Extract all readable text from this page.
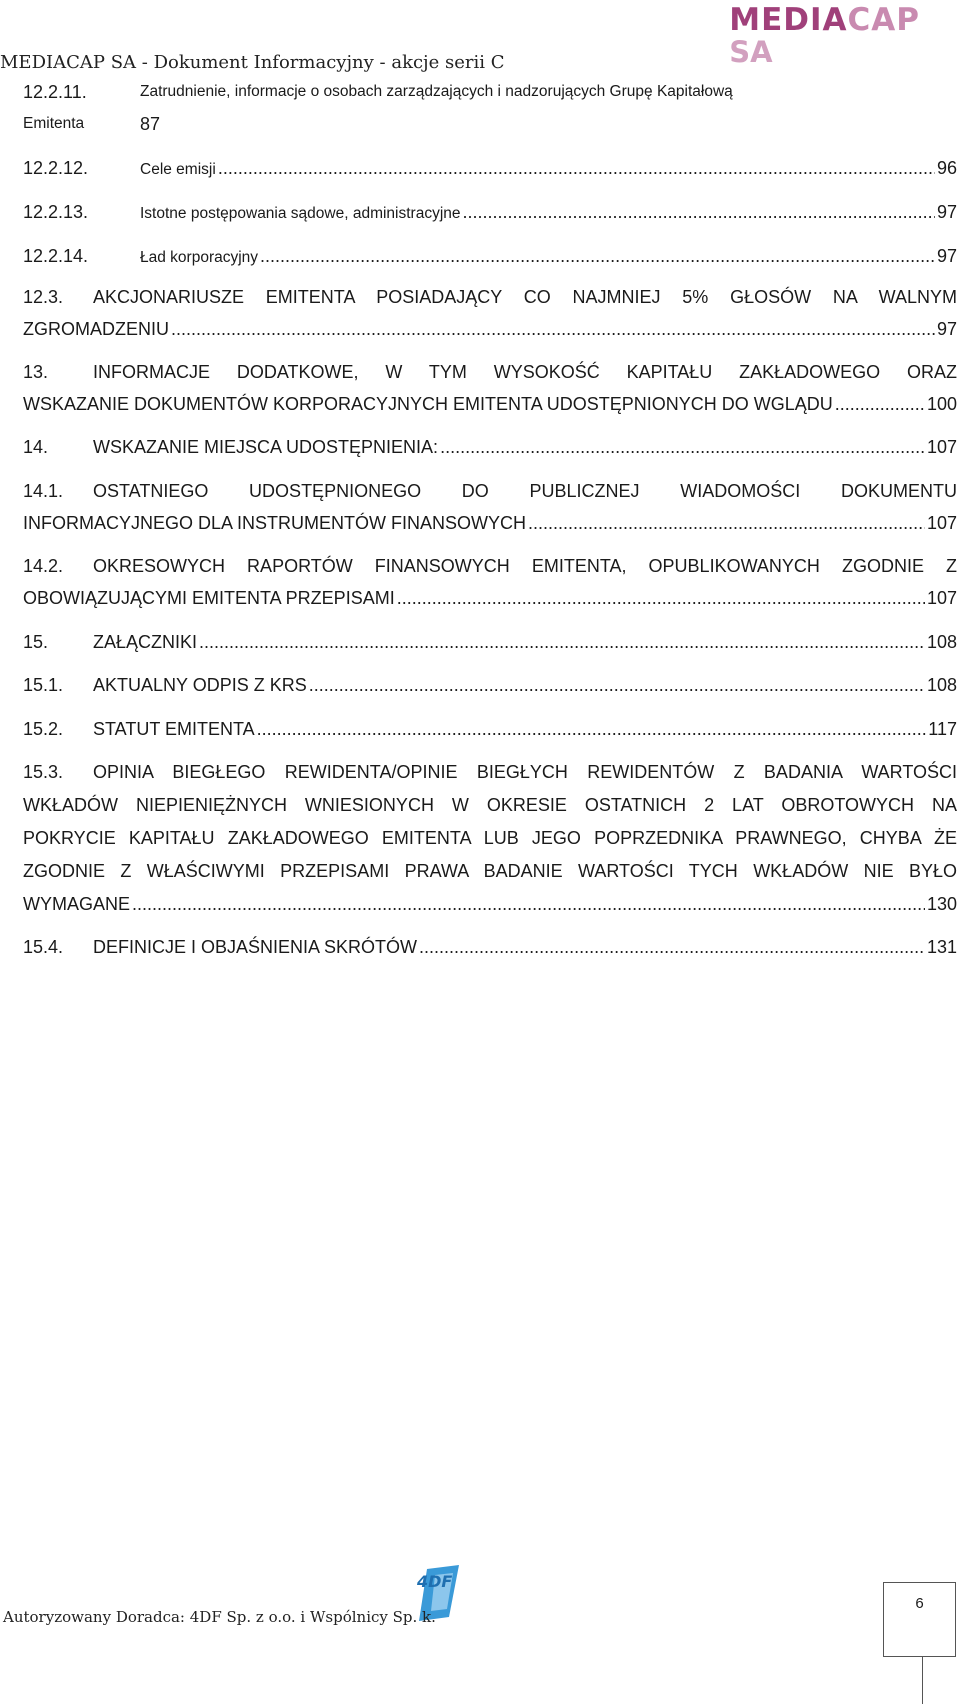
MEDIACAP
SA
MEDIACAP SA - Dokument Informacyjny - akcje serii C
12.2.11.	Zatrudnienie, informacje o osobach zarządzających i nadzorujących Grupę Kapitałową
Emitenta	87
12.2.12.	Cele emisji .....	96
12.2.13.	Istotne postępowania sądowe, administracyjne .....	97
12.2.14.	Ład korporacyjny .....	97
12.3. AKCJONARIUSZE EMITENTA POSIADAJĄCY CO NAJMNIEJ 5% GŁOSÓW NA WALNYM
ZGROMADZENIU .....	97
13. INFORMACJE DODATKOWE, W TYM WYSOKOŚĆ KAPITAŁU ZAKŁADOWEGO ORAZ
WSKAZANIE DOKUMENTÓW KORPORACYJNYCH EMITENTA UDOSTĘPNIONYCH DO WGLĄDU .....	100
14. WSKAZANIE MIEJSCA UDOSTĘPNIENIA: .....	107
14.1. OSTATNIEGO UDOSTĘPNIONEGO DO PUBLICZNEJ WIADOMOŚCI DOKUMENTU
INFORMACYJNEGO DLA INSTRUMENTÓW FINANSOWYCH .....	107
14.2. OKRESOWYCH RAPORTÓW FINANSOWYCH EMITENTA, OPUBLIKOWANYCH ZGODNIE Z
OBOWIĄZUJĄCYMI EMITENTA PRZEPISAMI .....	107
15. ZAŁĄCZNIKI .....	108
15.1. AKTUALNY ODPIS Z KRS .....	108
15.2. STATUT EMITENTA .....	117
15.3. OPINIA BIEGŁEGO REWIDENTA/OPINIE BIEGŁYCH REWIDENTÓW Z BADANIA WARTOŚCI
WKŁADÓW NIEPIENIĘŻNYCH WNIESIONYCH W OKRESIE OSTATNICH 2 LAT OBROTOWYCH NA
POKRYCIE KAPITAŁU ZAKŁADOWEGO EMITENTA LUB JEGO POPRZEDNIKA PRAWNEGO, CHYBA ŻE
ZGODNIE Z WŁAŚCIWYMI PRZEPISAMI PRAWA BADANIE WARTOŚCI TYCH WKŁADÓW NIE BYŁO
WYMAGANE .....	130
15.4. DEFINICJE I OBJAŚNIENIA SKRÓTÓW .....	131
4DF
Autoryzowany Doradca: 4DF Sp. z o.o. i Wspólnicy Sp. k.
6
